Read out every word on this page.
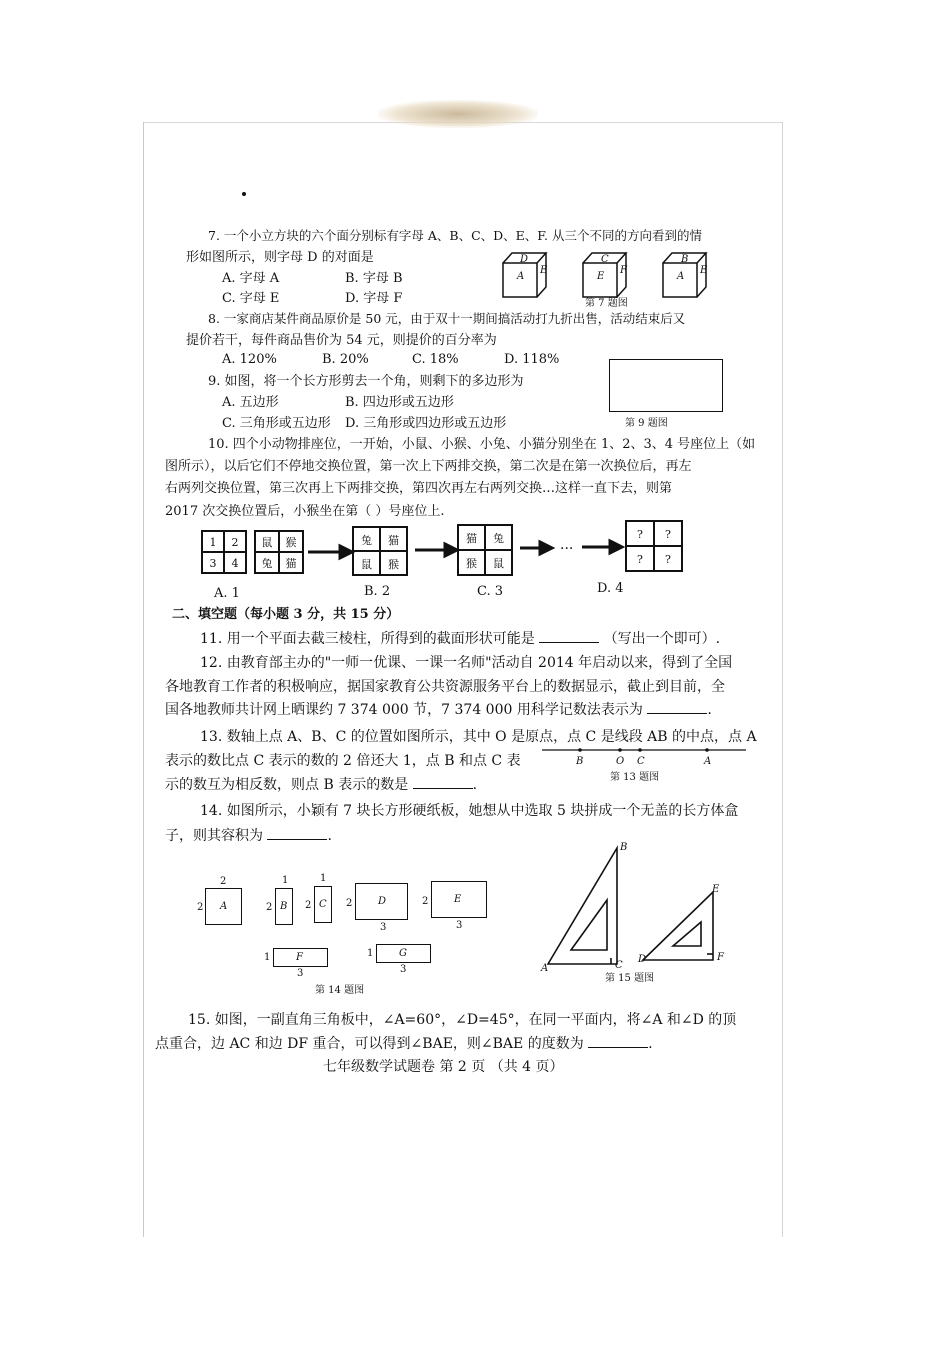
7. 一个小立方块的六个面分别标有字母 A、B、C、D、E、F. 从三个不同的方向看到的情
形如图所示，则字母 D 的对面是
A. 字母 A	B. 字母 B
C. 字母 E	D. 字母 F
D
A
E
C
E
F
B
A
E
第 7 题图
8. 一家商店某件商品原价是 50 元，由于双十一期间搞活动打九折出售，活动结束后又
提价若干，每件商品售价为 54 元，则提价的百分率为
A. 120%	B. 20%	C. 18%	D. 118%
9. 如图，将一个长方形剪去一个角，则剩下的多边形为
A. 五边形	B. 四边形或五边形
C. 三角形或五边形 D. 三角形或四边形或五边形	第 9 题图
10. 四个小动物排座位，一开始，小鼠、小猴、小兔、小猫分别坐在 1、2、3、4 号座位上（如
图所示），以后它们不停地交换位置，第一次上下两排交换，第二次是在第一次换位后，再左
右两列交换位置，第三次再上下两排交换，第四次再左右两列交换…这样一直下去，则第
2017 次交换位置后，小猴坐在第（ ）号座位上.
1	2
3	4
鼠	猴
兔	猫
兔	猫
鼠	猴
猫	兔
猴	鼠
?	?
?	?
···
A. 1	B. 2	C. 3	D. 4
二、填空题（每小题 3 分，共 15 分）
11. 用一个平面去截三棱柱，所得到的截面形状可能是	（写出一个即可）.
12. 由教育部主办的"一师一优课、一课一名师"活动自 2014 年启动以来，得到了全国
各地教育工作者的积极响应，据国家教育公共资源服务平台上的数据显示，截止到目前，全
国各地教师共计网上晒课约 7 374 000 节，7 374 000 用科学记数法表示为	.
13. 数轴上点 A、B、C 的位置如图所示，其中 O 是原点，点 C 是线段 AB 的中点，点 A
表示的数比点 C 表示的数的 2 倍还大 1，点 B 和点 C 表
示的数互为相反数，则点 B 表示的数是	.
B	O C	A
第 13 题图
14. 如图所示，小颖有 7 块长方形硬纸板，她想从中选取 5 块拼成一个无盖的长方体盒
子，则其容积为	.
A
2
2	B
1
2	C
1
2	D
2
3
E
2
3
F
1
3
G
1
3
第 14 题图
B
A	C
E
D	F
第 15 题图
15. 如图，一副直角三角板中，∠A=60°，∠D=45°，在同一平面内，将∠A 和∠D 的顶
点重合，边 AC 和边 DF 重合，可以得到∠BAE，则∠BAE 的度数为	.
七年级数学试题卷 第 2 页 （共 4 页）
